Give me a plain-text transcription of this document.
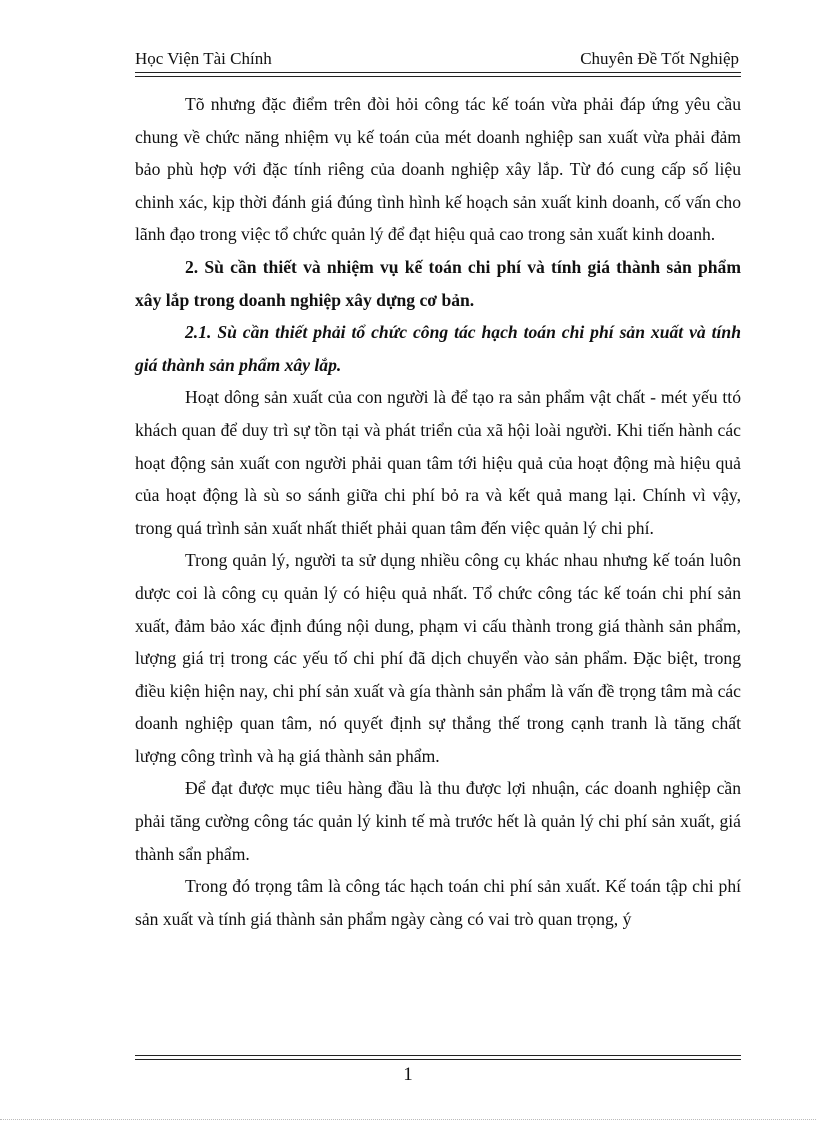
Học Viện Tài Chính	Chuyên Đề Tốt Nghiệp

Tõ nhưng đặc điểm trên đòi hỏi công tác kế toán vừa phải đáp ứng yêu cầu chung về chức năng nhiệm vụ kế toán của mét doanh nghiệp san xuất vừa phải đảm bảo phù hợp với đặc tính riêng của doanh nghiệp xây lắp. Từ đó cung cấp số liệu chinh xác, kịp thời đánh giá đúng tình hình kế hoạch sản xuất kinh doanh, cố vấn cho lãnh đạo trong việc tổ chức quản lý để đạt hiệu quả cao trong sản xuất kinh doanh.

2. Sù cần thiết và nhiệm vụ kế toán chi phí và tính giá thành sản phẩm xây lắp trong doanh nghiệp xây dựng cơ bản.

2.1. Sù cần thiết phải tổ chức công tác hạch toán chi phí sản xuất và tính giá thành sản phẩm xây lắp.

Hoạt dông sản xuất của con người là để tạo ra sản phẩm vật chất - mét yếu ttó khách quan để duy trì sự tồn tại và phát triển của xã hội loài người. Khi tiến hành các hoạt động sản xuất con người phải quan tâm tới hiệu quả của hoạt động mà hiệu quả của hoạt động là sù so sánh giữa chi phí bỏ ra và kết quả mang lại. Chính vì vậy, trong quá trình sản xuất nhất thiết phải quan tâm đến việc quản lý chi phí.

Trong quản lý, người ta sử dụng nhiều công cụ khác nhau nhưng kế toán luôn dược coi là công cụ quản lý có hiệu quả nhất. Tổ chức công tác kế toán chi phí sản xuất, đảm bảo xác định đúng nội dung, phạm vi cấu thành trong giá thành sản phẩm, lượng giá trị trong các yếu tố chi phí đã dịch chuyển vào sản phẩm. Đặc biệt, trong điều kiện hiện nay, chi phí sản xuất và gía thành sản phẩm là vấn đề trọng tâm mà các doanh nghiệp quan tâm, nó quyết định sự thắng thế trong cạnh tranh là tăng chất lượng công trình và hạ giá thành sản phẩm.

Để đạt được mục tiêu hàng đầu là thu được lợi nhuận, các doanh nghiệp cần phải tăng cường công tác quản lý kinh tế mà trước hết là quản lý chi phí sản xuất, giá thành sẩn phẩm.

Trong đó trọng tâm là công tác hạch toán chi phí sản xuất. Kế toán tập chi phí sản xuất và tính giá thành sản phẩm ngày càng có vai trò quan trọng, ý

1
